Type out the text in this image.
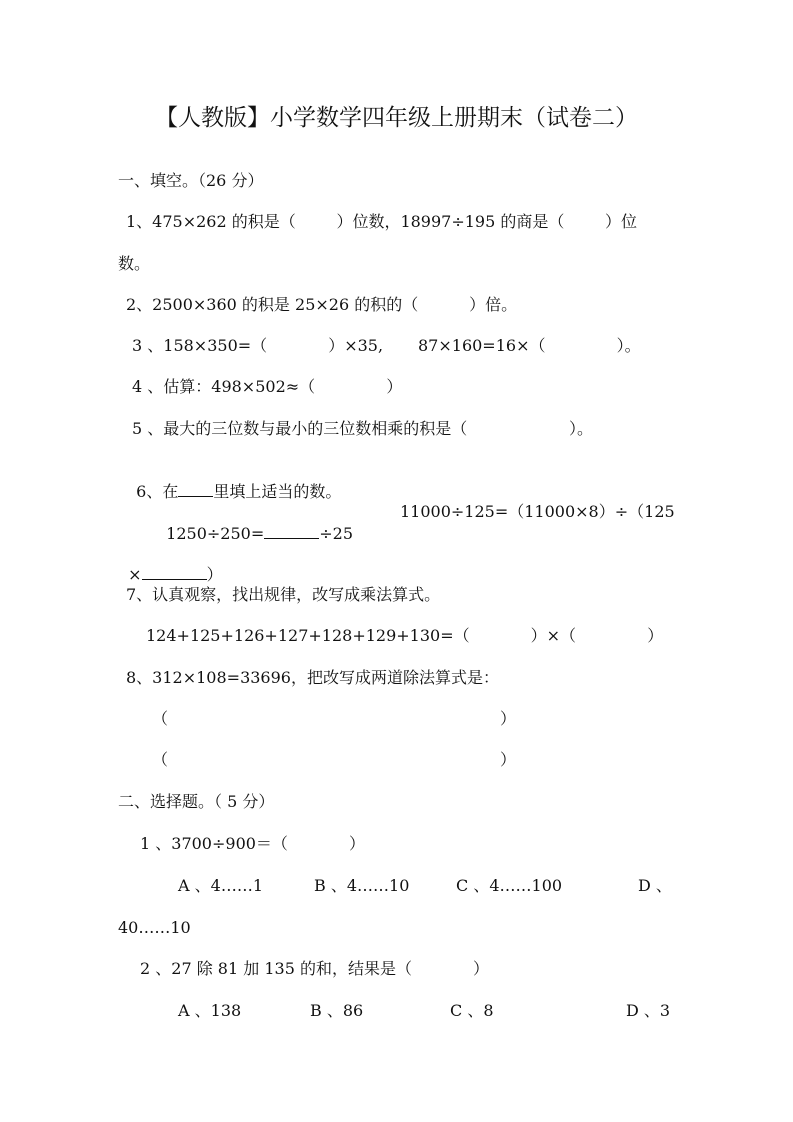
【人教版】小学数学四年级上册期末（试卷二）
一、填空。（26 分）
1、475×262 的积是（        ）位数，18997÷195 的商是（        ）位
数。
2、2500×360 的积是 25×26 的积的（          ）倍。
3 、158×350=（            ）×35, 87×160=16×（              ）。
4 、估算：498×502≈（              ）
5 、最大的三位数与最小的三位数相乘的积是（                    ）。

6、在 里填上适当的数。

1250÷250=	÷25

11000÷125=（11000×8）÷（125

×	）

7、认真观察，找出规律，改写成乘法算式。
124+125+126+127+128+129+130=（            ）×（              ）
8、312×108=33696，把改写成两道除法算式是：
（	）
（	）
二、选择题。（ 5 分）
1 、3700÷900＝（            ）
A 、4……1	B 、4……10	C 、4……100	D 、
40……10
2 、27 除 81 加 135 的和，结果是（            ）
A 、138	B 、86	C 、8	D 、3
